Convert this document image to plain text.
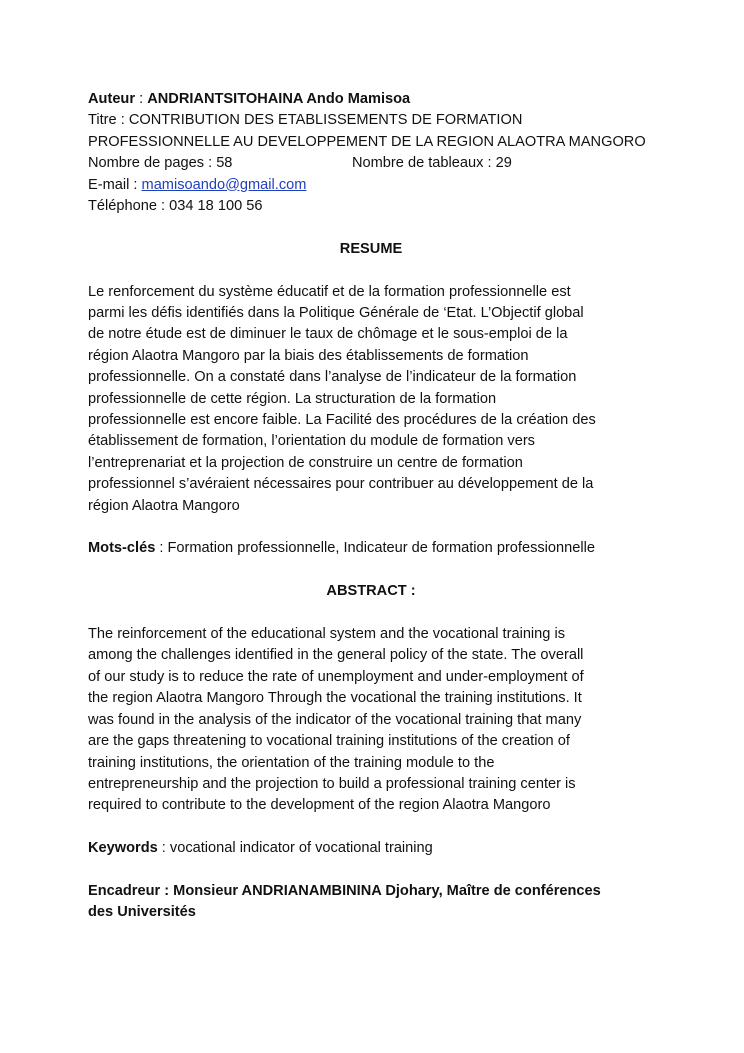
Auteur : ANDRIANTSITOHAINA Ando Mamisoa
Titre : CONTRIBUTION DES ETABLISSEMENTS DE FORMATION
PROFESSIONNELLE AU DEVELOPPEMENT DE LA REGION ALAOTRA MANGORO
Nombre de pages : 58	Nombre de tableaux : 29
E-mail : mamisoando@gmail.com
Téléphone : 034 18 100 56
RESUME

Le renforcement du système éducatif et de la formation professionnelle est

parmi les défis identifiés dans la Politique Générale de ‘Etat. L’Objectif global

de notre étude est de diminuer le taux de chômage et le sous-emploi de la

région Alaotra Mangoro par la biais des établissements de formation

professionnelle. On a constaté dans l’analyse de l’indicateur de la formation

professionnelle de cette région. La structuration de la formation

professionnelle est encore faible. La Facilité des procédures de la création des

établissement de formation, l’orientation du module de formation vers

l’entreprenariat et la projection de construire un centre de formation

professionnel s’avéraient nécessaires pour contribuer au développement de la

région Alaotra Mangoro

Mots-clés : Formation professionnelle, Indicateur de formation professionnelle
ABSTRACT :

The reinforcement of the educational system and the vocational training is

among the challenges identified in the general policy of the state. The overall

of our study is to reduce the rate of unemployment and under-employment of

the region Alaotra Mangoro Through the vocational the training institutions. It

was found in the analysis of the indicator of the vocational training that many

are the gaps threatening to vocational training institutions of the creation of

training institutions, the orientation of the training module to the

entrepreneurship and the projection to build a professional training center is

required to contribute to the development of the region Alaotra Mangoro

Keywords : vocational indicator of vocational training
Encadreur : Monsieur ANDRIANAMBININA Djohary, Maître de conférences
des Universités
